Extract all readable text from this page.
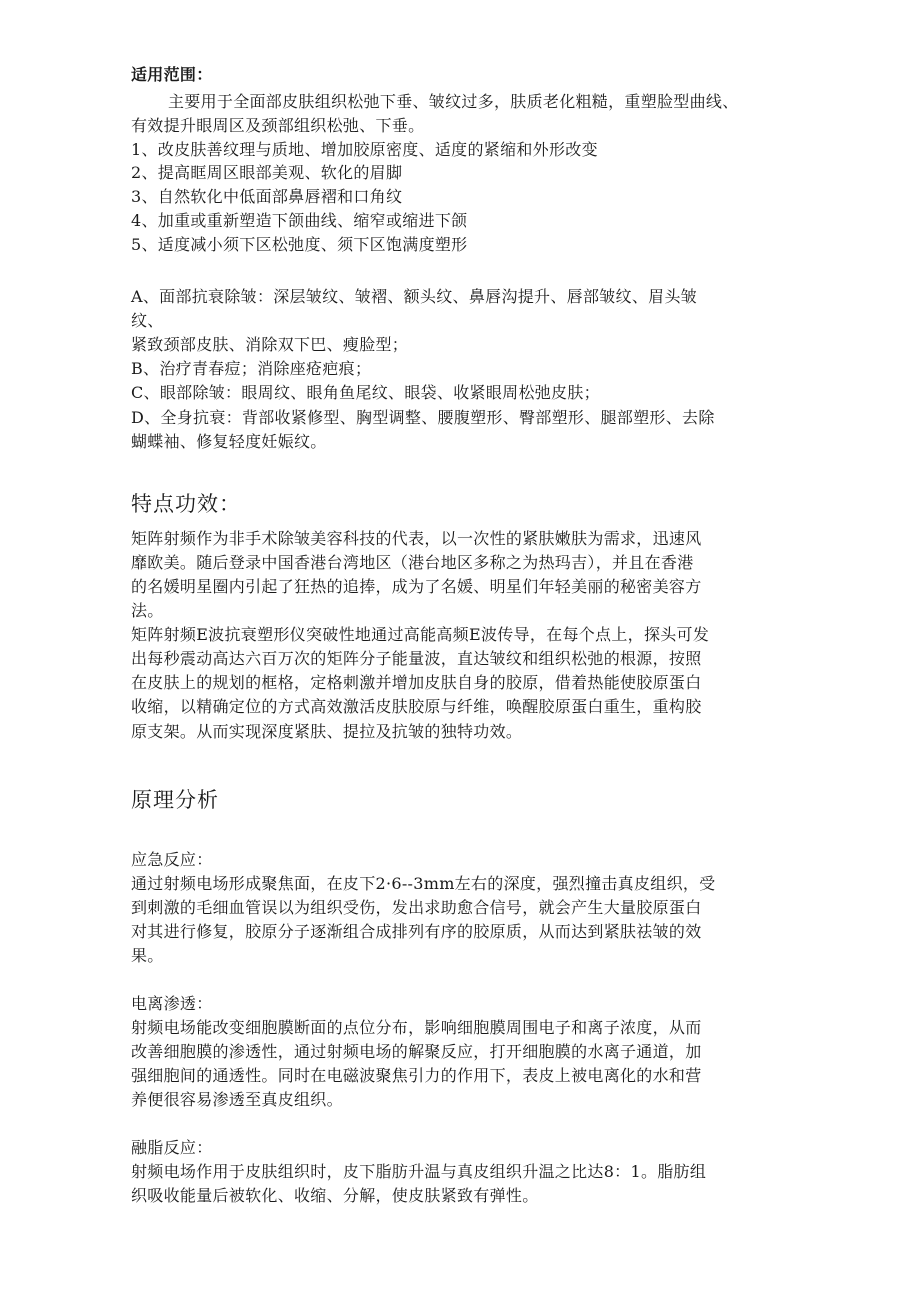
适用范围：
主要用于全面部皮肤组织松弛下垂、皱纹过多，肤质老化粗糙，重塑脸型曲线、
有效提升眼周区及颈部组织松弛、下垂。
1、改皮肤善纹理与质地、增加胶原密度、适度的紧缩和外形改变
2、提高眶周区眼部美观、软化的眉脚
3、自然软化中低面部鼻唇褶和口角纹
4、加重或重新塑造下颌曲线、缩窄或缩进下颌
5、适度减小须下区松弛度、须下区饱满度塑形
A、面部抗衰除皱：深层皱纹、皱褶、额头纹、鼻唇沟提升、唇部皱纹、眉头皱
纹、
紧致颈部皮肤、消除双下巴、瘦脸型；
B、治疗青春痘；消除座疮疤痕；
C、眼部除皱：眼周纹、眼角鱼尾纹、眼袋、收紧眼周松弛皮肤；
D、全身抗衰：背部收紧修型、胸型调整、腰腹塑形、臀部塑形、腿部塑形、去除
蝴蝶袖、修复轻度妊娠纹。
特点功效：
矩阵射频作为非手术除皱美容科技的代表，以一次性的紧肤嫩肤为需求，迅速风
靡欧美。随后登录中国香港台湾地区（港台地区多称之为热玛吉），并且在香港
的名媛明星圈内引起了狂热的追捧，成为了名媛、明星们年轻美丽的秘密美容方
法。
矩阵射频E波抗衰塑形仪突破性地通过高能高频E波传导，在每个点上，探头可发
出每秒震动高达六百万次的矩阵分子能量波，直达皱纹和组织松弛的根源，按照
在皮肤上的规划的框格，定格刺激并增加皮肤自身的胶原，借着热能使胶原蛋白
收缩，以精确定位的方式高效激活皮肤胶原与纤维，唤醒胶原蛋白重生，重构胶
原支架。从而实现深度紧肤、提拉及抗皱的独特功效。
原理分析
应急反应：
通过射频电场形成聚焦面，在皮下2·6--3mm左右的深度，强烈撞击真皮组织，受
到刺激的毛细血管误以为组织受伤，发出求助愈合信号，就会产生大量胶原蛋白
对其进行修复，胶原分子逐渐组合成排列有序的胶原质，从而达到紧肤祛皱的效
果。
电离渗透：
射频电场能改变细胞膜断面的点位分布，影响细胞膜周围电子和离子浓度，从而
改善细胞膜的渗透性，通过射频电场的解聚反应，打开细胞膜的水离子通道，加
强细胞间的通透性。同时在电磁波聚焦引力的作用下，表皮上被电离化的水和营
养便很容易渗透至真皮组织。
融脂反应：
射频电场作用于皮肤组织时，皮下脂肪升温与真皮组织升温之比达8：1。脂肪组
织吸收能量后被软化、收缩、分解，使皮肤紧致有弹性。
